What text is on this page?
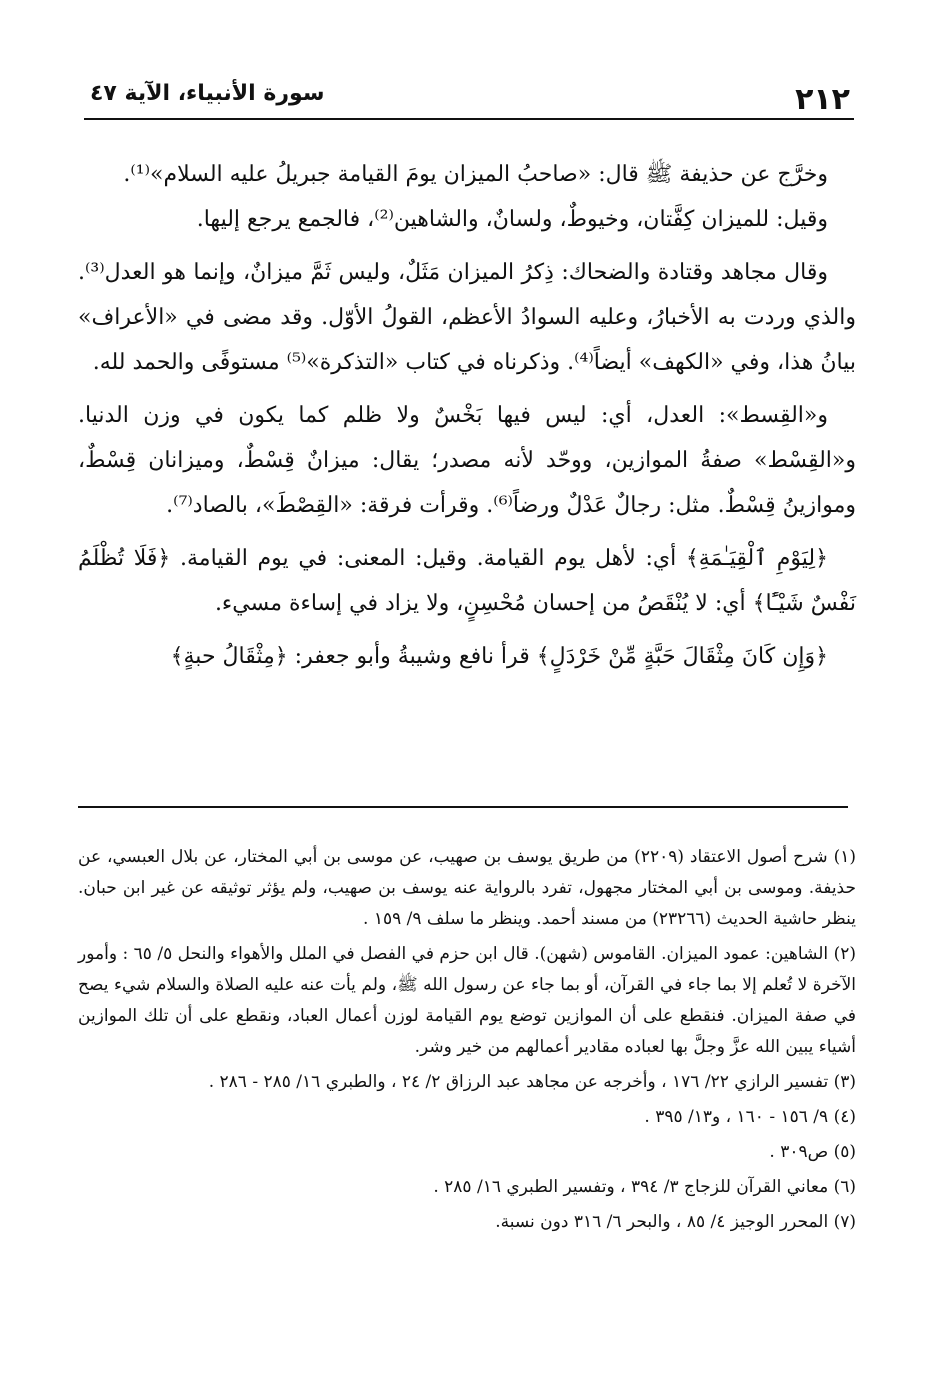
٢١٢
سورة الأنبياء، الآية ٤٧

وخرَّج عن حذيفة ﷺ قال: «صاحبُ الميزان يومَ القيامة جبريلُ عليه السلام»⁽¹⁾.

وقيل: للميزان كِفَّتان، وخيوطٌ، ولسانٌ، والشاهين⁽²⁾، فالجمع يرجع إليها.

وقال مجاهد وقتادة والضحاك: ذِكرُ الميزان مَثَلٌ، وليس ثَمَّ ميزانٌ، وإنما هو العدل⁽³⁾. والذي وردت به الأخبارُ، وعليه السوادُ الأعظم، القولُ الأوّل. وقد مضى في «الأعراف» بيانُ هذا، وفي «الكهف» أيضاً⁽⁴⁾. وذكرناه في كتاب «التذكرة»⁽⁵⁾ مستوفًى والحمد لله.

و«القِسط»: العدل، أي: ليس فيها بَخْسٌ ولا ظلم كما يكون في وزن الدنيا. و«القِسْط» صفةُ الموازين، ووحّد لأنه مصدر؛ يقال: ميزانٌ قِسْطٌ، وميزانان قِسْطٌ، وموازينُ قِسْطٌ. مثل: رجالٌ عَدْلٌ ورضاً⁽⁶⁾. وقرأت فرقة: «القِصْطَ»، بالصاد⁽⁷⁾.

﴿لِيَوْمِ ٱلْقِيَـٰمَةِ﴾ أي: لأهل يوم القيامة. وقيل: المعنى: في يوم القيامة. ﴿فَلَا تُظْلَمُ نَفْسٌ شَيْـًٔا﴾ أي: لا يُنْقَصُ من إحسان مُحْسِنٍ، ولا يزاد في إساءة مسيء.

﴿وَإِن كَانَ مِثْقَالَ حَبَّةٍ مِّنْ خَرْدَلٍ﴾ قرأ نافع وشيبةُ وأبو جعفر: ﴿مِثْقَالُ حبةٍ﴾

(١) شرح أصول الاعتقاد (٢٢٠٩) من طريق يوسف بن صهيب، عن موسى بن أبي المختار، عن بلال العبسي، عن حذيفة. وموسى بن أبي المختار مجهول، تفرد بالرواية عنه يوسف بن صهيب، ولم يؤثر توثيقه عن غير ابن حبان. ينظر حاشية الحديث (٢٣٢٦٦) من مسند أحمد. وينظر ما سلف ٩/ ١٥٩ .

(٢) الشاهين: عمود الميزان. القاموس (شهن). قال ابن حزم في الفصل في الملل والأهواء والنحل ٥/ ٦٥ : وأمور الآخرة لا تُعلم إلا بما جاء في القرآن، أو بما جاء عن رسول الله ﷺ، ولم يأت عنه عليه الصلاة والسلام شيء يصح في صفة الميزان. فنقطع على أن الموازين توضع يوم القيامة لوزن أعمال العباد، ونقطع على أن تلك الموازين أشياء يبين الله عزَّ وجلَّ بها لعباده مقادير أعمالهم من خير وشر.

(٣) تفسير الرازي ٢٢/ ١٧٦ ، وأخرجه عن مجاهد عبد الرزاق ٢/ ٢٤ ، والطبري ١٦/ ٢٨٥ - ٢٨٦ .

(٤) ٩/ ١٥٦ - ١٦٠ ، و١٣/ ٣٩٥ .

(٥) ص٣٠٩ .

(٦) معاني القرآن للزجاج ٣/ ٣٩٤ ، وتفسير الطبري ١٦/ ٢٨٥ .

(٧) المحرر الوجيز ٤/ ٨٥ ، والبحر ٦/ ٣١٦ دون نسبة.
